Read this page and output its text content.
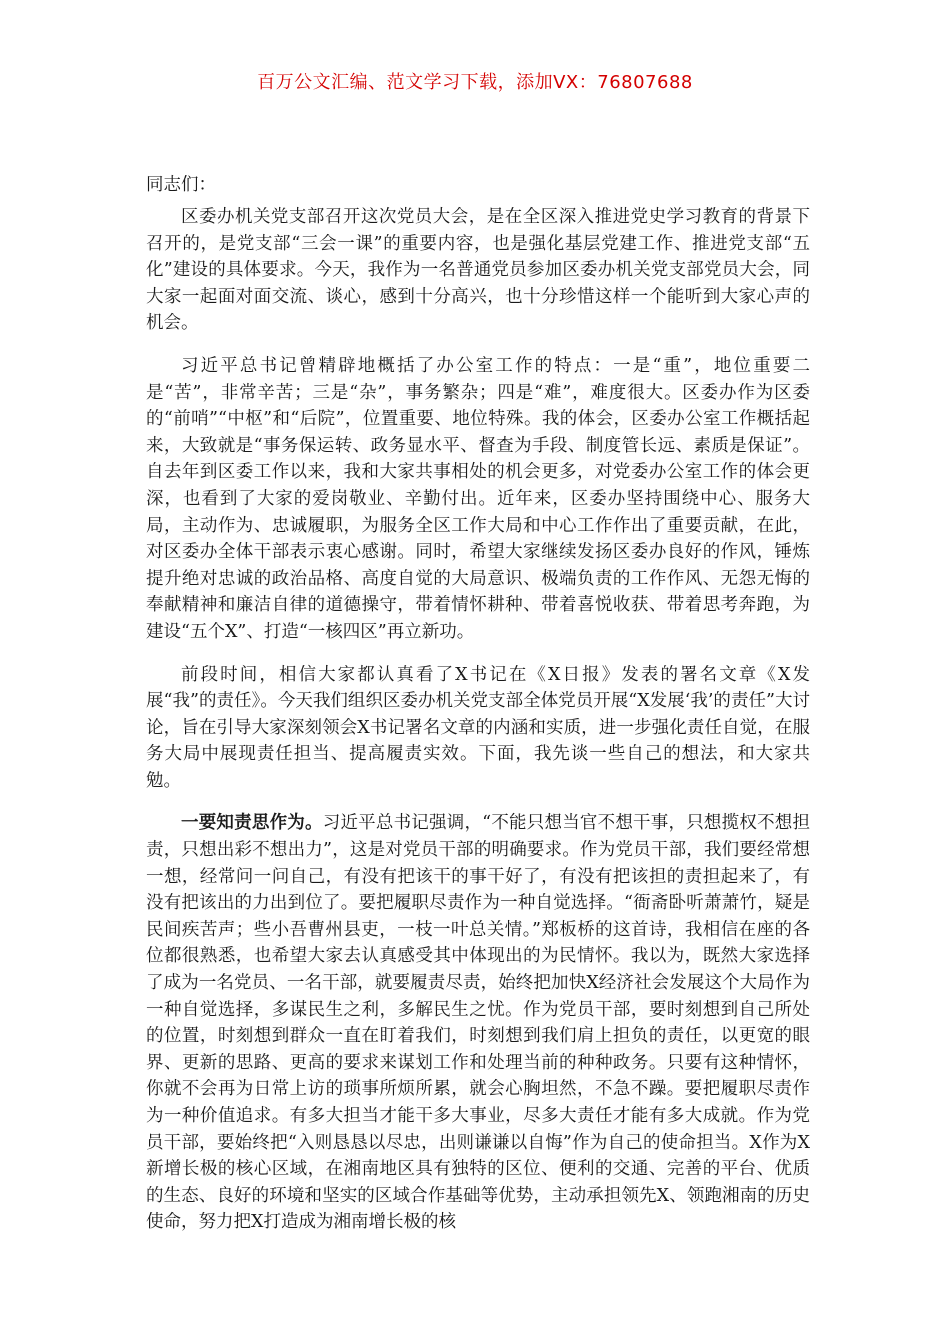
百万公文汇编、范文学习下载，添加VX：76807688

同志们：

区委办机关党支部召开这次党员大会，是在全区深入推进党史学习教育的背景下召开的，是党支部“三会一课”的重要内容，也是强化基层党建工作、推进党支部“五化”建设的具体要求。今天，我作为一名普通党员参加区委办机关党支部党员大会，同大家一起面对面交流、谈心，感到十分高兴，也十分珍惜这样一个能听到大家心声的机会。

习近平总书记曾精辟地概括了办公室工作的特点：一是“重”，地位重要二是“苦”，非常辛苦；三是“杂”，事务繁杂；四是“难”，难度很大。区委办作为区委的“前哨”“中枢”和“后院”，位置重要、地位特殊。我的体会，区委办公室工作概括起来，大致就是“事务保运转、政务显水平、督查为手段、制度管长远、素质是保证”。自去年到区委工作以来，我和大家共事相处的机会更多，对党委办公室工作的体会更深，也看到了大家的爱岗敬业、辛勤付出。近年来，区委办坚持围绕中心、服务大局，主动作为、忠诚履职，为服务全区工作大局和中心工作作出了重要贡献，在此，对区委办全体干部表示衷心感谢。同时，希望大家继续发扬区委办良好的作风，锤炼提升绝对忠诚的政治品格、高度自觉的大局意识、极端负责的工作作风、无怨无悔的奉献精神和廉洁自律的道德操守，带着情怀耕种、带着喜悦收获、带着思考奔跑，为建设“五个X”、打造“一核四区”再立新功。

前段时间，相信大家都认真看了X书记在《X日报》发表的署名文章《X发展“我”的责任》。今天我们组织区委办机关党支部全体党员开展“X发展‘我’的责任”大讨论，旨在引导大家深刻领会X书记署名文章的内涵和实质，进一步强化责任自觉，在服务大局中展现责任担当、提高履责实效。下面，我先谈一些自己的想法，和大家共勉。

一要知责思作为。习近平总书记强调，“不能只想当官不想干事，只想揽权不想担责，只想出彩不想出力”，这是对党员干部的明确要求。作为党员干部，我们要经常想一想，经常问一问自己，有没有把该干的事干好了，有没有把该担的责担起来了，有没有把该出的力出到位了。要把履职尽责作为一种自觉选择。“衙斋卧听萧萧竹，疑是民间疾苦声；些小吾曹州县吏，一枝一叶总关情。”郑板桥的这首诗，我相信在座的各位都很熟悉，也希望大家去认真感受其中体现出的为民情怀。我以为，既然大家选择了成为一名党员、一名干部，就要履责尽责，始终把加快X经济社会发展这个大局作为一种自觉选择，多谋民生之利，多解民生之忧。作为党员干部，要时刻想到自己所处的位置，时刻想到群众一直在盯着我们，时刻想到我们肩上担负的责任，以更宽的眼界、更新的思路、更高的要求来谋划工作和处理当前的种种政务。只要有这种情怀，你就不会再为日常上访的琐事所烦所累，就会心胸坦然，不急不躁。要把履职尽责作为一种价值追求。有多大担当才能干多大事业，尽多大责任才能有多大成就。作为党员干部，要始终把“入则恳恳以尽忠，出则谦谦以自悔”作为自己的使命担当。X作为X新增长极的核心区域，在湘南地区具有独特的区位、便利的交通、完善的平台、优质的生态、良好的环境和坚实的区域合作基础等优势，主动承担领先X、领跑湘南的历史使命，努力把X打造成为湘南增长极的核
